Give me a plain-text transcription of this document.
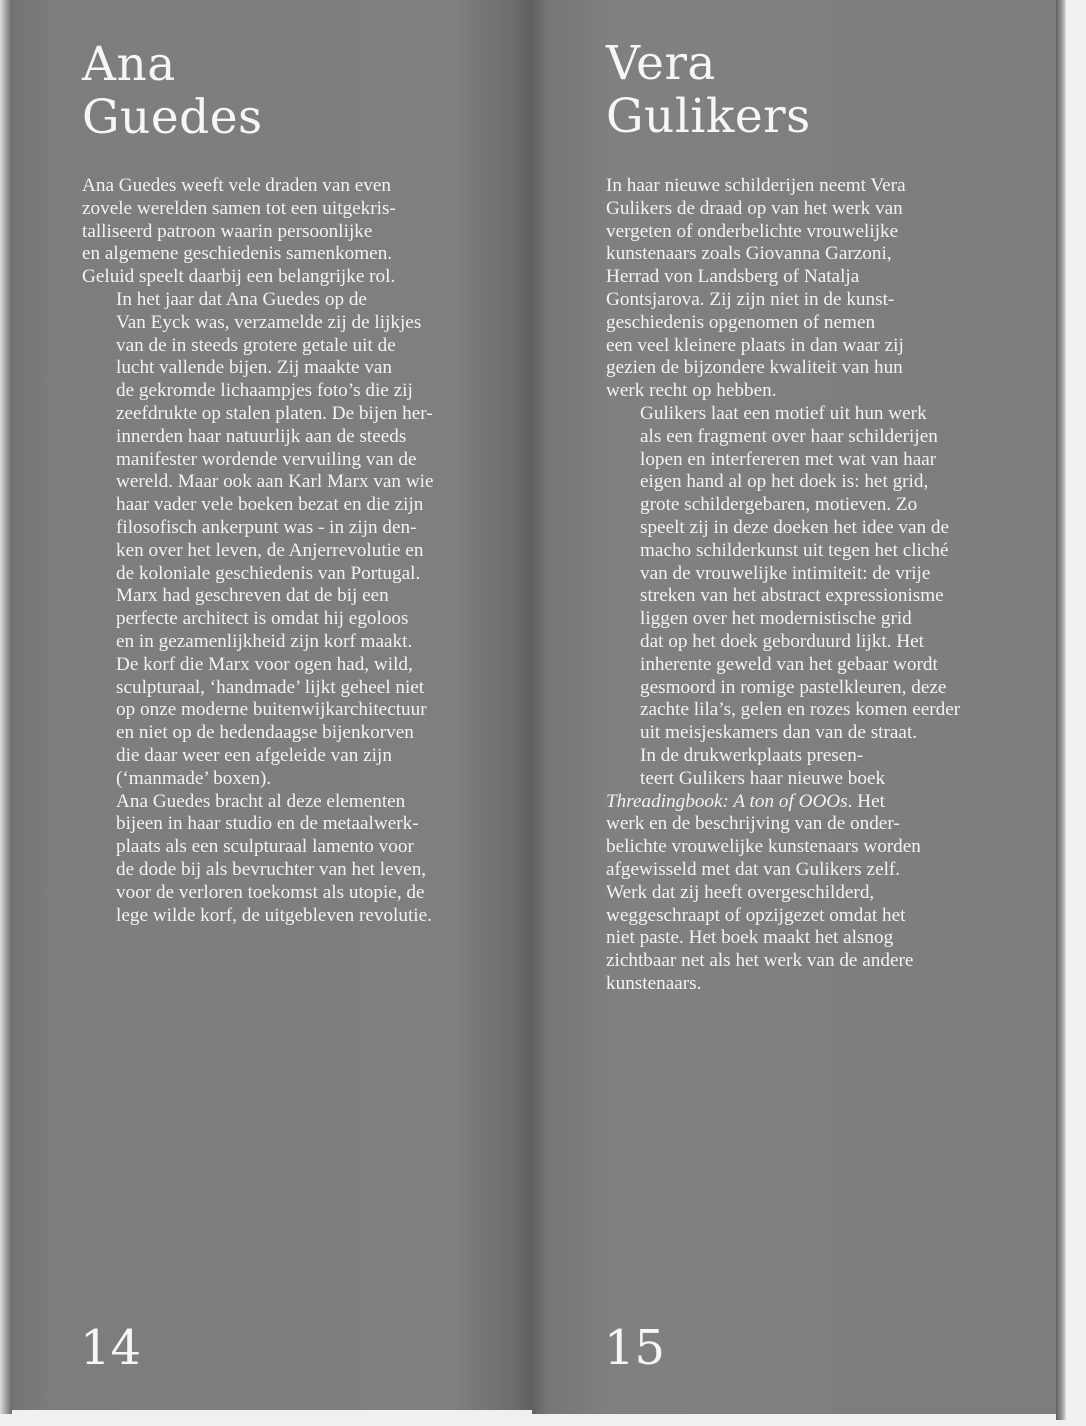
Ana
Guedes

Ana Guedes weeft vele draden van even
zovele werelden samen tot een uitgekris-
talliseerd patroon waarin persoonlijke
en algemene geschiedenis samenkomen.
Geluid speelt daarbij een belangrijke rol.

In het jaar dat Ana Guedes op de
Van Eyck was, verzamelde zij de lijkjes
van de in steeds grotere getale uit de
lucht vallende bijen. Zij maakte van
de gekromde lichaampjes foto’s die zij
zeefdrukte op stalen platen. De bijen her-
innerden haar natuurlijk aan de steeds
manifester wordende vervuiling van de
wereld. Maar ook aan Karl Marx van wie
haar vader vele boeken bezat en die zijn
filosofisch ankerpunt was - in zijn den-
ken over het leven, de Anjerrevolutie en
de koloniale geschiedenis van Portugal.
Marx had geschreven dat de bij een
perfecte architect is omdat hij egoloos
en in gezamenlijkheid zijn korf maakt.
De korf die Marx voor ogen had, wild,
sculpturaal, ‘handmade’ lijkt geheel niet
op onze moderne buitenwijkarchitectuur
en niet op de hedendaagse bijenkorven
die daar weer een afgeleide van zijn
(‘manmade’ boxen).

Ana Guedes bracht al deze elementen
bijeen in haar studio en de metaalwerk-
plaats als een sculpturaal lamento voor
de dode bij als bevruchter van het leven,
voor de verloren toekomst als utopie, de
lege wilde korf, de uitgebleven revolutie.

14
Vera
Gulikers

In haar nieuwe schilderijen neemt Vera
Gulikers de draad op van het werk van
vergeten of onderbelichte vrouwelijke
kunstenaars zoals Giovanna Garzoni,
Herrad von Landsberg of Natalja
Gontsjarova. Zij zijn niet in de kunst-
geschiedenis opgenomen of nemen
een veel kleinere plaats in dan waar zij
gezien de bijzondere kwaliteit van hun
werk recht op hebben.

Gulikers laat een motief uit hun werk
als een fragment over haar schilderijen
lopen en interfereren met wat van haar
eigen hand al op het doek is: het grid,
grote schildergebaren, motieven. Zo
speelt zij in deze doeken het idee van de
macho schilderkunst uit tegen het cliché
van de vrouwelijke intimiteit: de vrije
streken van het abstract expressionisme
liggen over het modernistische grid
dat op het doek geborduurd lijkt. Het
inherente geweld van het gebaar wordt
gesmoord in romige pastelkleuren, deze
zachte lila’s, gelen en rozes komen eerder
uit meisjeskamers dan van de straat.

In de drukwerkplaats presen-
teert Gulikers haar nieuwe boek

Threadingbook: A ton of OOOs. Het
werk en de beschrijving van de onder-
belichte vrouwelijke kunstenaars worden
afgewisseld met dat van Gulikers zelf.
Werk dat zij heeft overgeschilderd,
weggeschraapt of opzijgezet omdat het
niet paste. Het boek maakt het alsnog
zichtbaar net als het werk van de andere
kunstenaars.

15
